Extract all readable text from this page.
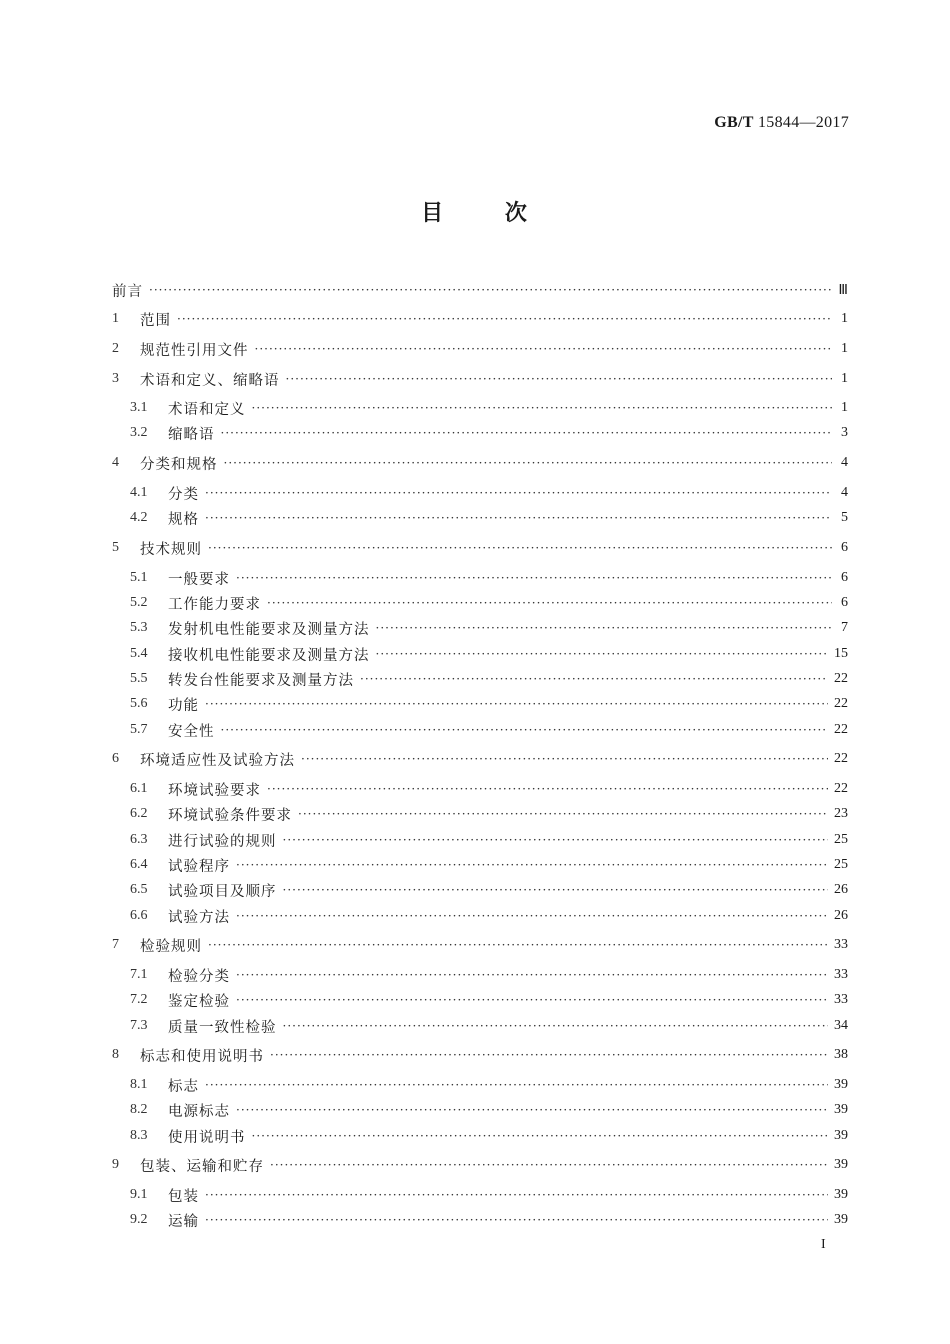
GB/T 15844—2017
目 次
前言 ·····	Ⅲ
1	范围 ·····	1
2	规范性引用文件 ·····	1
3	术语和定义、缩略语 ·····	1
3.1	术语和定义 ·····	1
3.2	缩略语 ·····	3
4	分类和规格 ·····	4
4.1	分类 ·····	4
4.2	规格 ·····	5
5	技术规则 ·····	6
5.1	一般要求 ·····	6
5.2	工作能力要求 ·····	6
5.3	发射机电性能要求及测量方法 ·····	7
5.4	接收机电性能要求及测量方法 ·····	15
5.5	转发台性能要求及测量方法 ·····	22
5.6	功能 ·····	22
5.7	安全性 ·····	22
6	环境适应性及试验方法 ·····	22
6.1	环境试验要求 ·····	22
6.2	环境试验条件要求 ·····	23
6.3	进行试验的规则 ·····	25
6.4	试验程序 ·····	25
6.5	试验项目及顺序 ·····	26
6.6	试验方法 ·····	26
7	检验规则 ·····	33
7.1	检验分类 ·····	33
7.2	鉴定检验 ·····	33
7.3	质量一致性检验 ·····	34
8	标志和使用说明书 ·····	38
8.1	标志 ·····	39
8.2	电源标志 ·····	39
8.3	使用说明书 ·····	39
9	包装、运输和贮存 ·····	39
9.1	包装 ·····	39
9.2	运输 ·····	39
I
